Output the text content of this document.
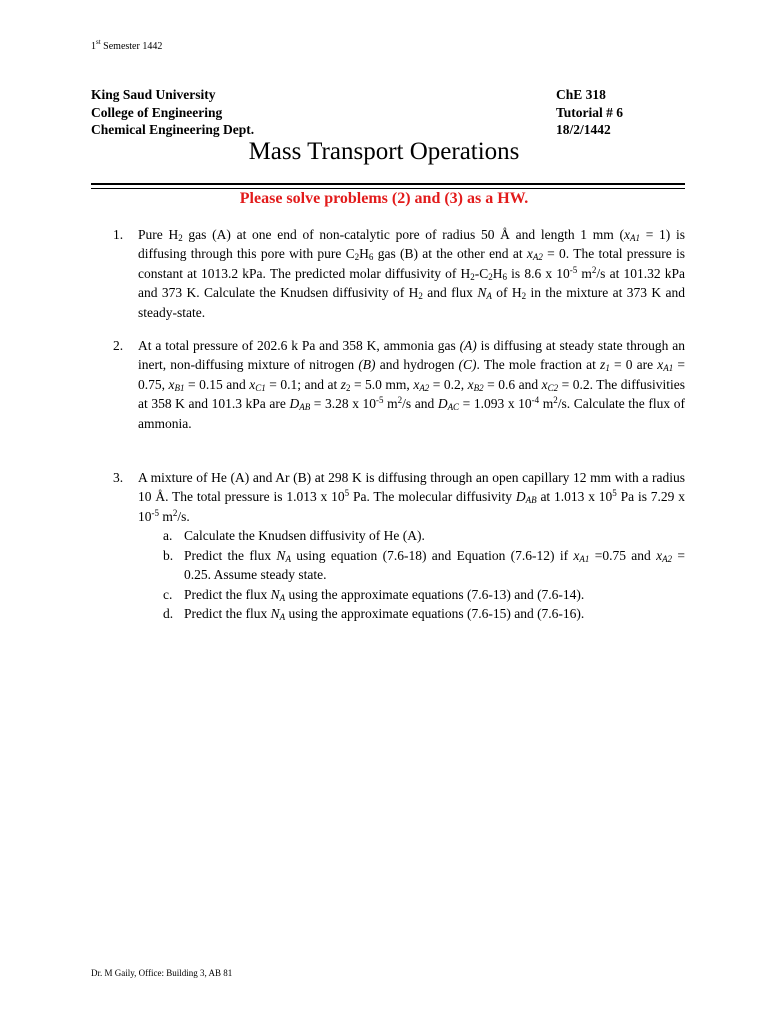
1st Semester 1442
King Saud University
College of Engineering
Chemical Engineering Dept.
ChE 318
Tutorial # 6
18/2/1442
Mass Transport Operations
Please solve problems (2) and (3) as a HW.
1. Pure $H_2$ gas (A) at one end of non-catalytic pore of radius 50 Å and length 1 mm $(x_{A1} = 1)$ is diffusing through this pore with pure $C_2H_6$ gas (B) at the other end at $x_{A2} = 0$. The total pressure is constant at 1013.2 kPa. The predicted molar diffusivity of $H_2-C_2H_6$ is 8.6 x $10^{-5}$ $m^2/s$ at 101.32 kPa and 373 K. Calculate the Knudsen diffusivity of $H_2$ and flux $N_A$ of $H_2$ in the mixture at 373 K and steady-state.
2. At a total pressure of 202.6 k Pa and 358 K, ammonia gas (A) is diffusing at steady state through an inert, non-diffusing mixture of nitrogen (B) and hydrogen (C). The mole fraction at $z_1 = 0$ are $x_{A1} = 0.75$, $x_{B1} = 0.15$ and $x_{C1} = 0.1$; and at $z_2 = 5.0$ mm, $x_{A2} = 0.2$, $x_{B2} = 0.6$ and $x_{C2} = 0.2$. The diffusivities at 358 K and 101.3 kPa are $D_{AB} = 3.28$ x $10^{-5}$ $m^2/s$ and $D_{AC} = 1.093$ x $10^{-4}$ $m^2/s$. Calculate the flux of ammonia.
3. A mixture of He (A) and Ar (B) at 298 K is diffusing through an open capillary 12 mm with a radius 10 Å. The total pressure is 1.013 x $10^5$ Pa. The molecular diffusivity $D_{AB}$ at 1.013 x $10^5$ Pa is 7.29 x $10^{-5}$ $m^2/s$.
a. Calculate the Knudsen diffusivity of He (A).
b. Predict the flux $N_A$ using equation (7.6-18) and Equation (7.6-12) if $x_{A1} =0.75$ and $x_{A2} = 0.25$. Assume steady state.
c. Predict the flux $N_A$ using the approximate equations (7.6-13) and (7.6-14).
d. Predict the flux $N_A$ using the approximate equations (7.6-15) and (7.6-16).
Dr. M Gaily, Office: Building 3, AB 81
